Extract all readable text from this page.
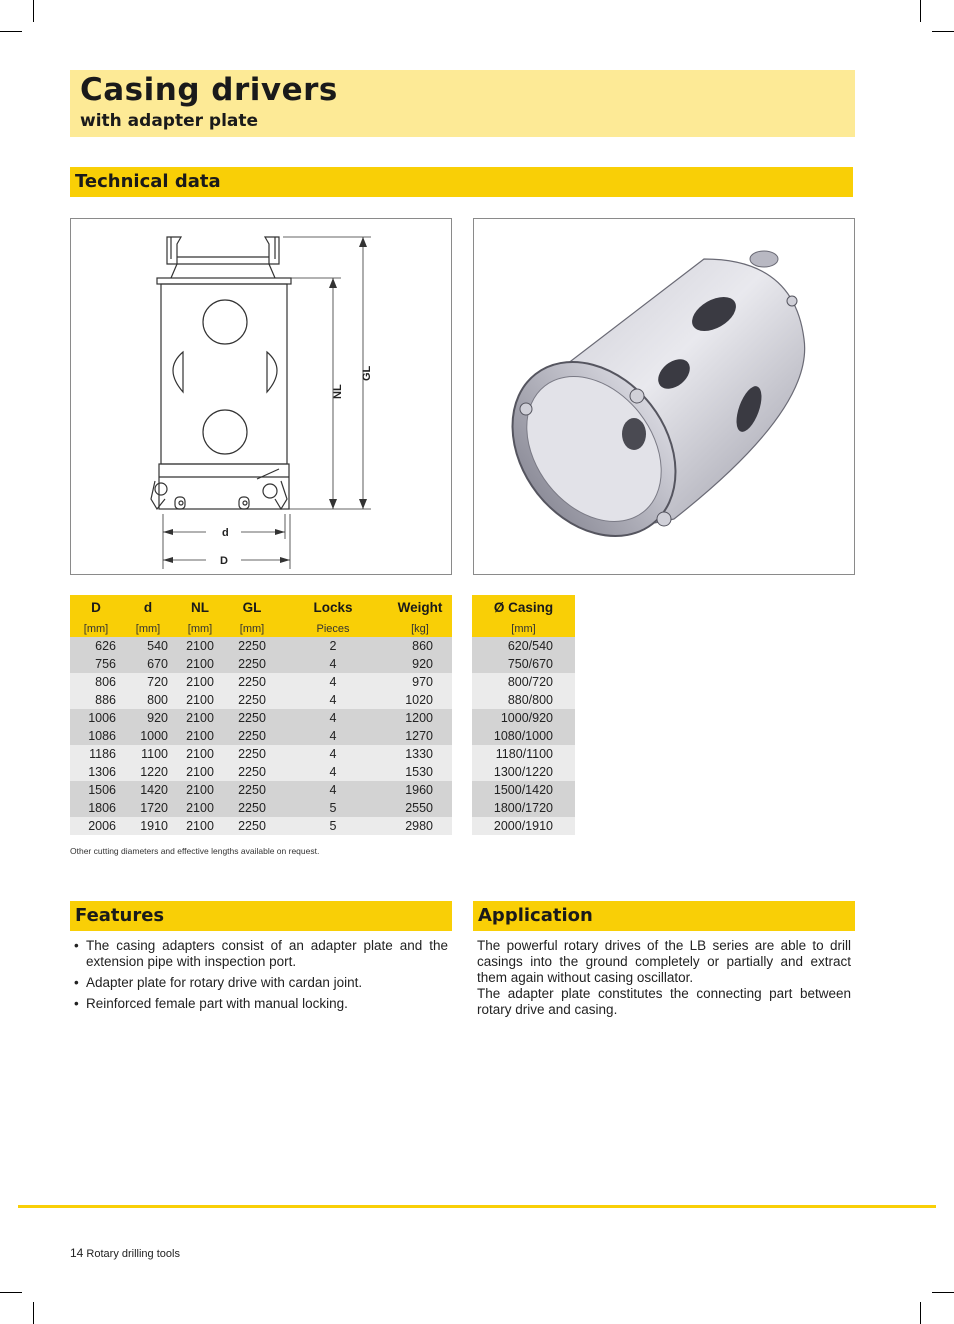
Casing drivers
with adapter plate
Technical data
NL
GL
d
D
D	d	NL	GL	Locks	Weight
[mm]	[mm]	[mm]	[mm]	Pieces	[kg]
626	540	2100	2250	2	860
756	670	2100	2250	4	920
806	720	2100	2250	4	970
886	800	2100	2250	4	1020
1006	920	2100	2250	4	1200
1086	1000	2100	2250	4	1270
1186	1100	2100	2250	4	1330
1306	1220	2100	2250	4	1530
1506	1420	2100	2250	4	1960
1806	1720	2100	2250	5	2550
2006	1910	2100	2250	5	2980
Ø Casing
[mm]
620/540
750/670
800/720
880/800
1000/920
1080/1000
1180/1100
1300/1220
1500/1420
1800/1720
2000/1910
Other cutting diameters and effective lengths available on request.
Features
• The casing adapters consist of an adapter plate and the extension pipe with inspection port.
• Adapter plate for rotary drive with cardan joint.
• Reinforced female part with manual locking.
Application

The powerful rotary drives of the LB series are able to drill casings into the ground completely or partially and extract them again without casing oscillator.

The adapter plate constitutes the connecting part between rotary drive and casing.

14 Rotary drilling tools
